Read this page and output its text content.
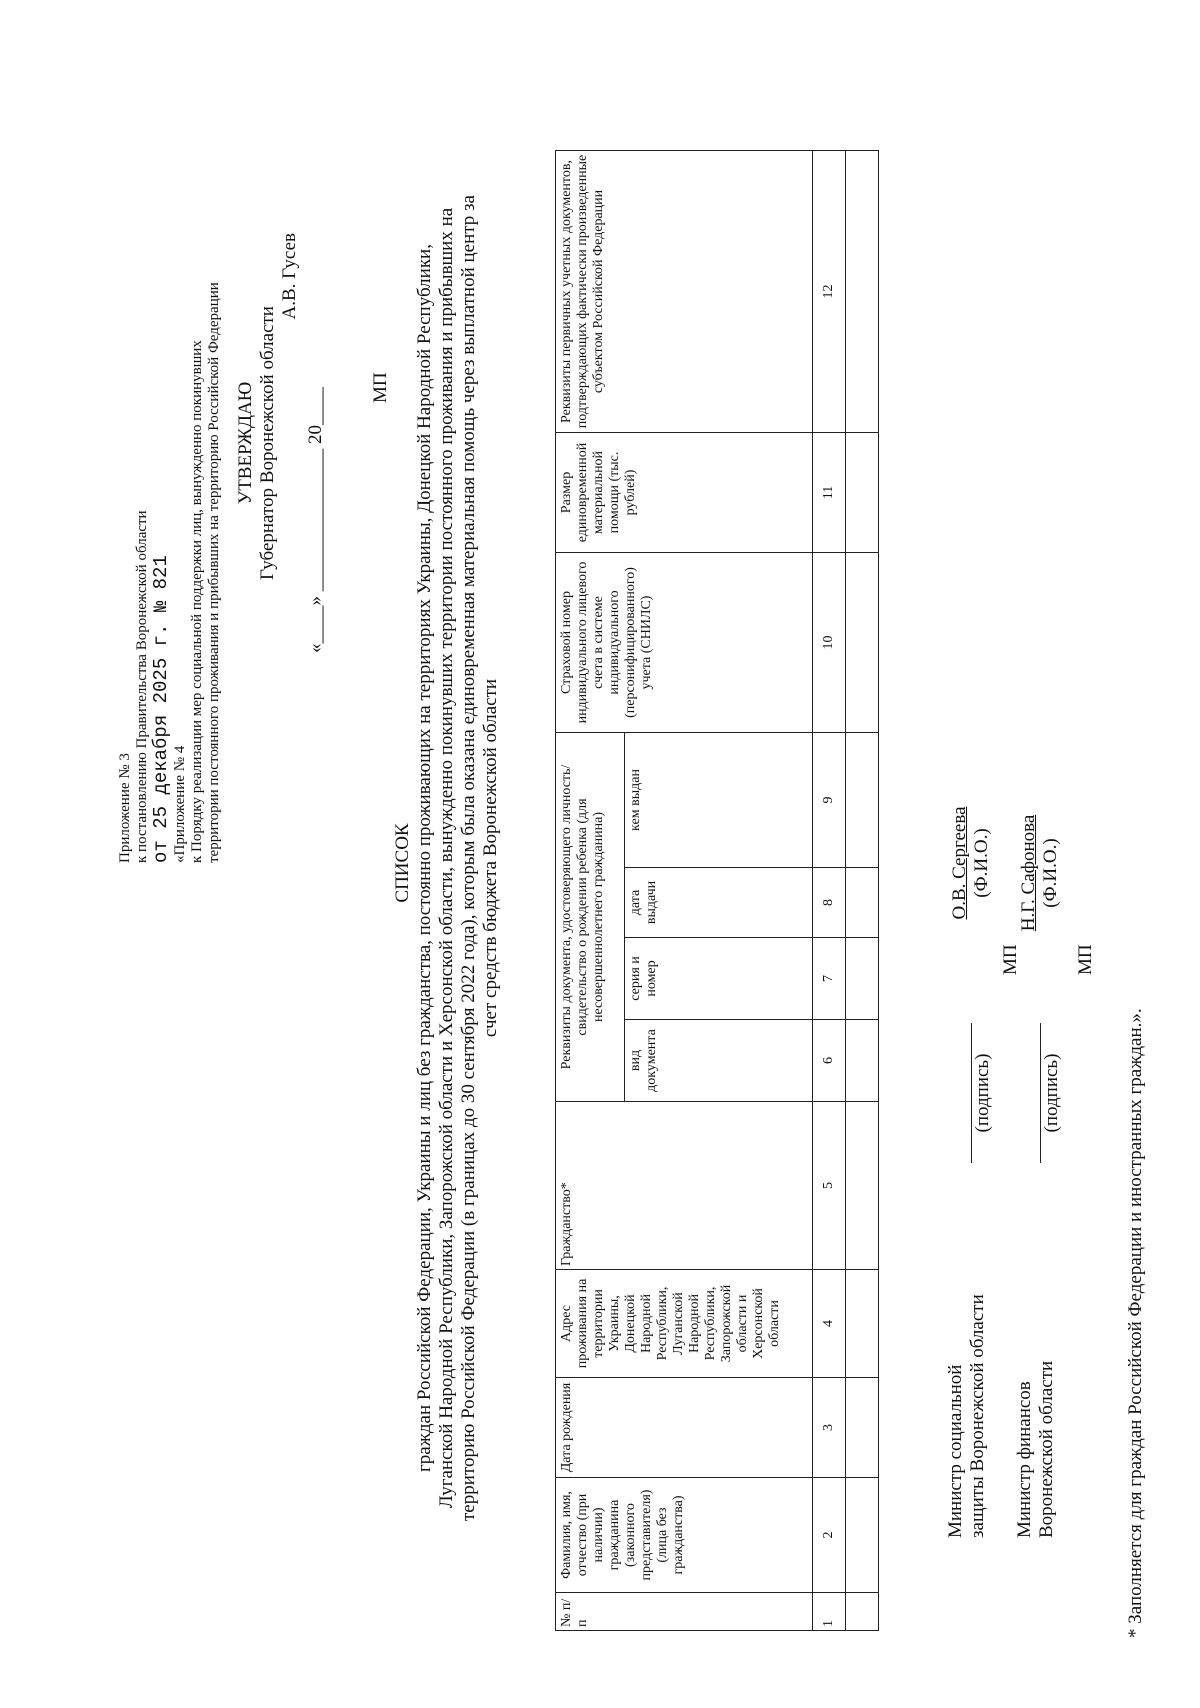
Приложение № 3 к постановлению Правительства Воронежской области от 25 декабря 2025 г. № 821 «Приложение № 4 к Порядку реализации мер социальной поддержки лиц, вынужденно покинувших территории постоянного проживания и прибывших на территорию Российской Федерации УТВЕРЖДАЮ Губернатор Воронежской области
А.В. Гусев
«____» _______________ 20____ МП
СПИСОК граждан Российской Федерации, Украины и лиц без гражданства, постоянно проживающих на территориях Украины, Донецкой Народной Республики, Луганской Народной Республики, Запорожской области и Херсонской области, вынужденно покинувших территории постоянного проживания и прибывших на территорию Российской Федерации (в границах до 30 сентября 2022 года), которым была оказана единовременная материальная помощь через выплатной центр за счет средств бюджета Воронежской области
№ п/п	Фамилия, имя, отчество (при наличии) гражданина (законного представителя) (лица без гражданства)	Дата рождения	Адрес проживания на территории Украины, Донецкой Народной Республики, Луганской Народной Республики, Запорожской области и Херсонской области	Гражданство*	Реквизиты документа, удостоверяющего личность/свидетельство о рождении ребенка (для несовершеннолетнего гражданина)				Страховой номер индивидуального лицевого счета в системе индивидуального (персонифицированного) учета (СНИЛС)	Размер единовременной материальной помощи (тыс. рублей)	Реквизиты первичных учетных документов, подтверждающих фактически произведенные субъектом Российской Федерации
					вид документа	серия и номер	дата выдачи	кем выдан			
1	2	3	4	5	6	7	8	9	10	11	12

Министр социальной защиты Воронежской области
(подпись)
О.В. Сергеева (Ф.И.О.)
МП
Министр финансов Воронежской области
(подпись)
Н.Г. Сафонова (Ф.И.О.)
МП
* Заполняется для граждан Российской Федерации и иностранных граждан.».
